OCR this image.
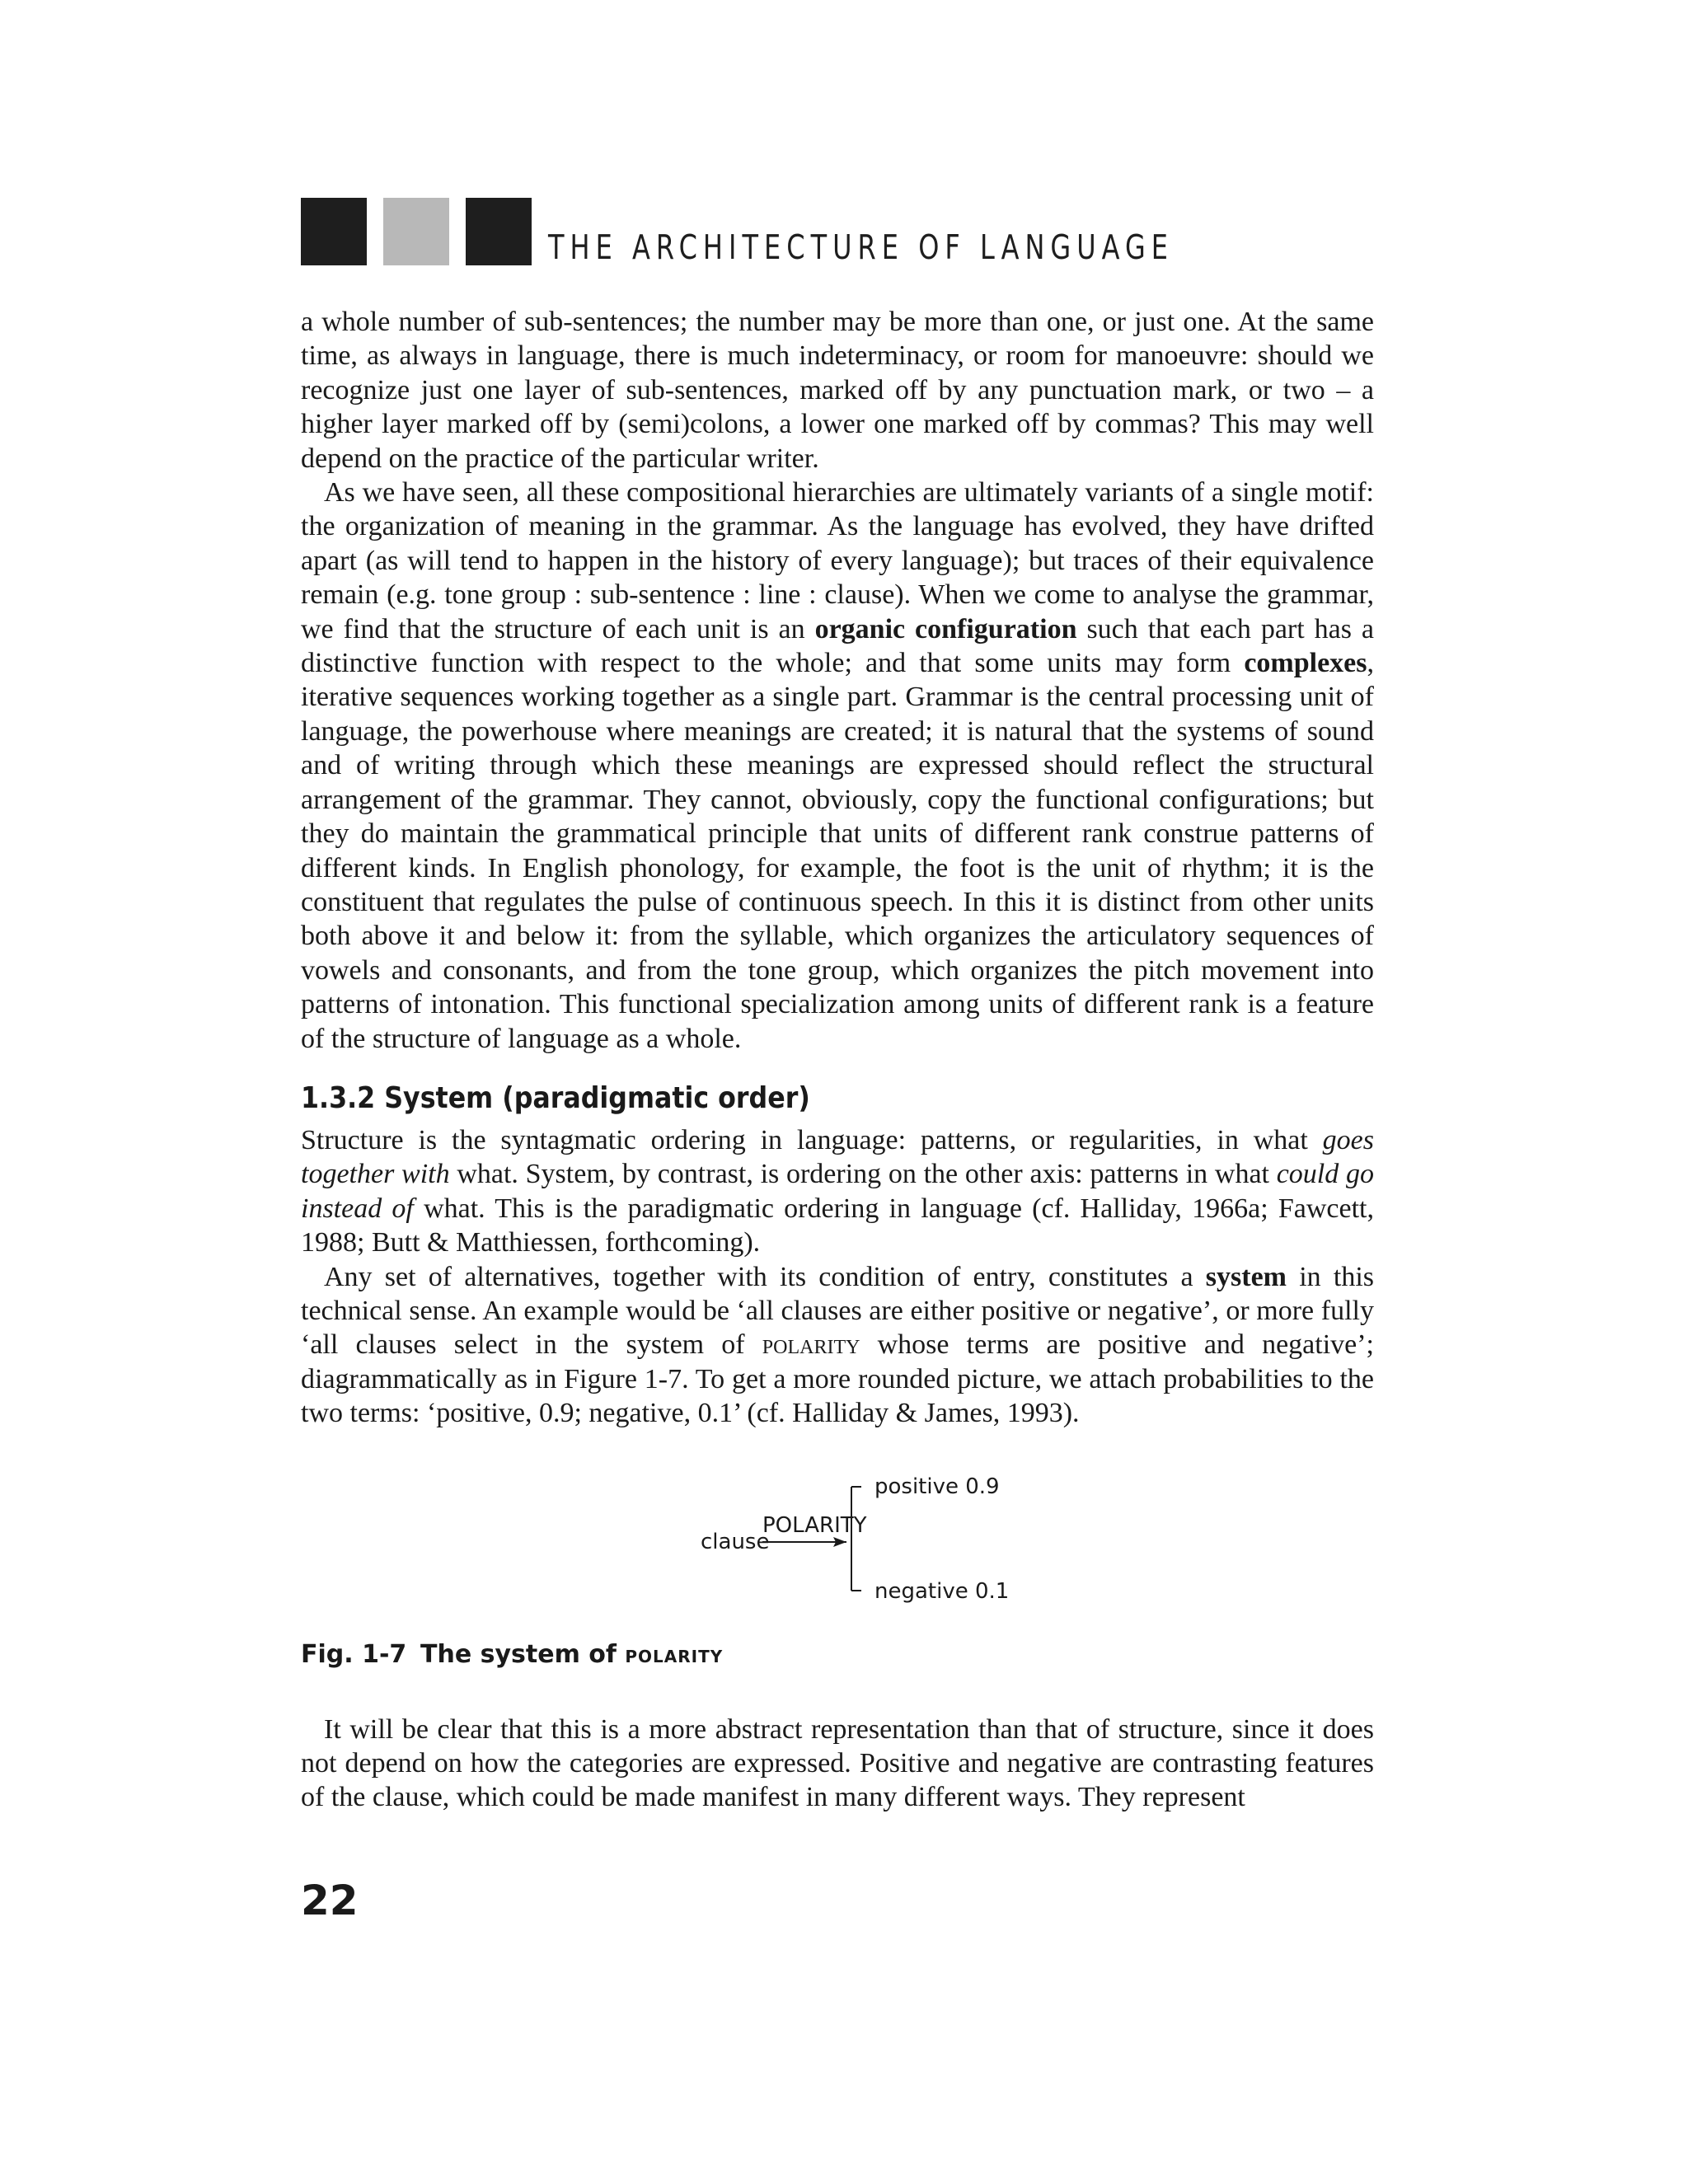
THE ARCHITECTURE OF LANGUAGE

a whole number of sub-sentences; the number may be more than one, or just one. At the same time, as always in language, there is much indeterminacy, or room for manoeuvre: should we recognize just one layer of sub-sentences, marked off by any punctuation mark, or two – a higher layer marked off by (semi)colons, a lower one marked off by commas? This may well depend on the practice of the particular writer.

As we have seen, all these compositional hierarchies are ultimately variants of a single motif: the organization of meaning in the grammar. As the language has evolved, they have drifted apart (as will tend to happen in the history of every language); but traces of their equivalence remain (e.g. tone group : sub-sentence : line : clause). When we come to analyse the grammar, we find that the structure of each unit is an organic configuration such that each part has a distinctive function with respect to the whole; and that some units may form complexes, iterative sequences working together as a single part. Grammar is the central processing unit of language, the powerhouse where meanings are created; it is natural that the systems of sound and of writing through which these meanings are expressed should reflect the structural arrangement of the grammar. They cannot, obviously, copy the functional configurations; but they do maintain the grammatical principle that units of different rank construe patterns of different kinds. In English phonology, for example, the foot is the unit of rhythm; it is the constituent that regulates the pulse of continuous speech. In this it is distinct from other units both above it and below it: from the syllable, which organizes the articulatory sequences of vowels and consonants, and from the tone group, which organizes the pitch movement into patterns of intonation. This functional specialization among units of different rank is a feature of the structure of language as a whole.

1.3.2 System (paradigmatic order)

Structure is the syntagmatic ordering in language: patterns, or regularities, in what goes together with what. System, by contrast, is ordering on the other axis: patterns in what could go instead of what. This is the paradigmatic ordering in language (cf. Halliday, 1966a; Fawcett, 1988; Butt & Matthiessen, forthcoming).

Any set of alternatives, together with its condition of entry, constitutes a system in this technical sense. An example would be ‘all clauses are either positive or negative’, or more fully ‘all clauses select in the system of polarity whose terms are positive and negative’; diagrammatically as in Figure 1-7. To get a more rounded picture, we attach probabilities to the two terms: ‘positive, 0.9; negative, 0.1’ (cf. Halliday & James, 1993).

clause
POLARITY
positive 0.9
negative 0.1
Fig. 1-7 The system of polarity

It will be clear that this is a more abstract representation than that of structure, since it does not depend on how the categories are expressed. Positive and negative are contrasting features of the clause, which could be made manifest in many different ways. They represent

22
